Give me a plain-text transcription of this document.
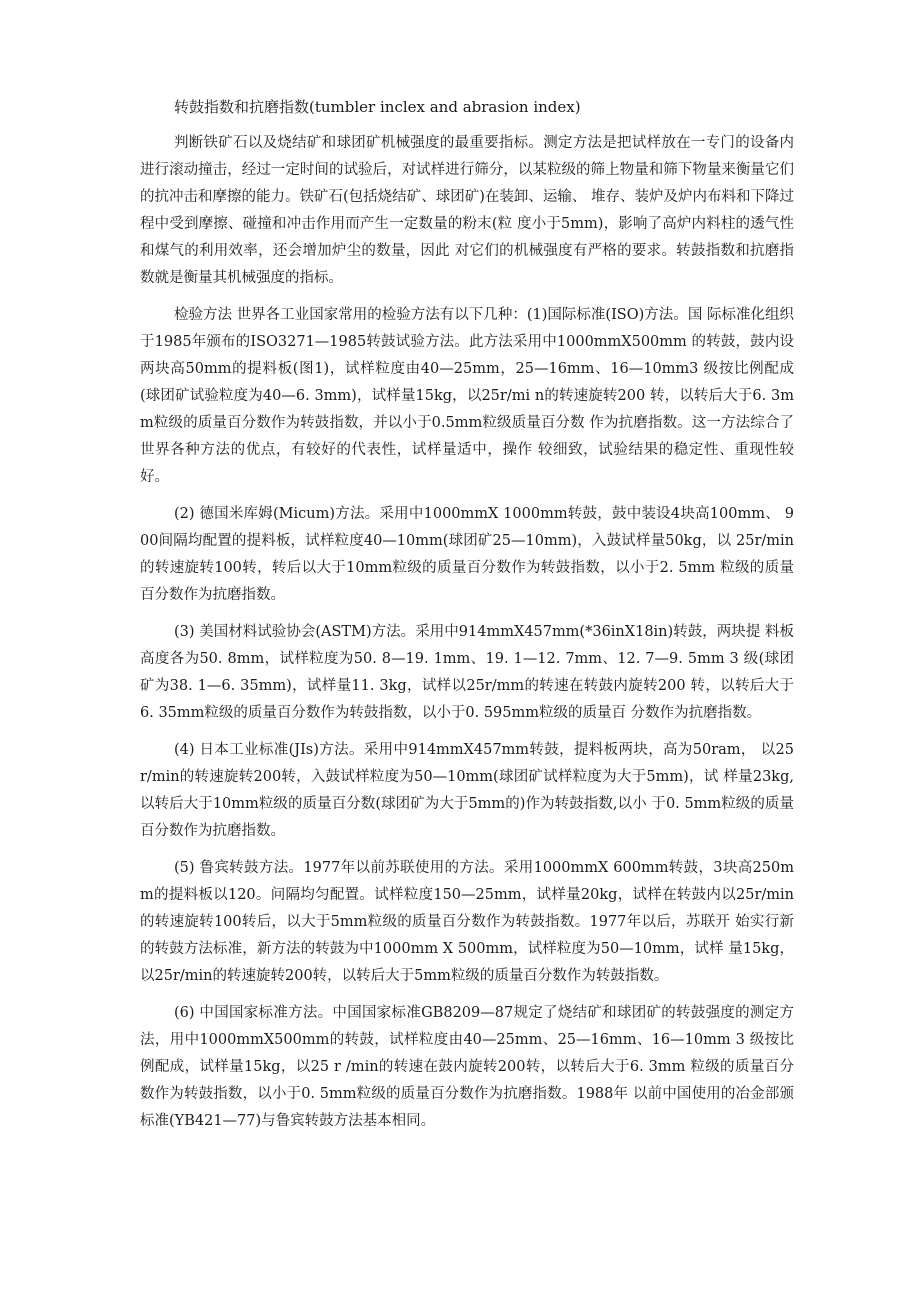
转鼓指数和抗磨指数(tumbler inclex and abrasion index)

判断铁矿石以及烧结矿和球团矿机械强度的最重要指标。测定方法是把试样放在一专门的设备内进行滚动撞击，经过一定时间的试验后，对试样进行筛分，以某粒级的筛上物量和筛下物量来衡量它们的抗冲击和摩擦的能力。铁矿石(包括烧结矿、球团矿)在装卸、运输、 堆存、装炉及炉内布料和下降过程中受到摩擦、碰撞和冲击作用而产生一定数量的粉末(粒 度小于5mm)，影响了高炉内料柱的透气性和煤气的利用效率，还会增加炉尘的数量，因此 对它们的机械强度有严格的要求。转鼓指数和抗磨指数就是衡量其机械强度的指标。

检验方法 世界各工业国家常用的检验方法有以下几种：(1)国际标准(ISO)方法。国 际标准化组织于1985年颁布的ISO3271—1985转鼓试验方法。此方法采用中1000mmX500mm 的转鼓，鼓内设两块高50mm的提料板(图1)，试样粒度由40—25mm，25—16mm、16—10mm3 级按比例配成(球团矿试验粒度为40—6. 3mm)，试样量15kg，以25r/mi n的转速旋转200 转，以转后大于6. 3mm粒级的质量百分数作为转鼓指数，并以小于0.5mm粒级质量百分数 作为抗磨指数。这一方法综合了世界各种方法的优点，有较好的代表性，试样量适中，操作 较细致，试验结果的稳定性、重现性较好。

(2) 德国米库姆(Micum)方法。采用中1000mmX 1000mm转鼓，鼓中装设4块高100mm、 900间隔均配置的提料板，试样粒度40—10mm(球团矿25—10mm)，入鼓试样量50kg，以 25r/min的转速旋转100转，转后以大于10mm粒级的质量百分数作为转鼓指数，以小于2. 5mm 粒级的质量百分数作为抗磨指数。

(3) 美国材料试验协会(ASTM)方法。采用中914mmX457mm(*36inX18in)转鼓，两块提 料板高度各为50. 8mm，试样粒度为50. 8—19. 1mm、19. 1—12. 7mm、12. 7—9. 5mm 3 级(球团矿为38. 1—6. 35mm)，试样量11. 3kg，试样以25r/mm的转速在转鼓内旋转200 转，以转后大于6. 35mm粒级的质量百分数作为转鼓指数，以小于0. 595mm粒级的质量百 分数作为抗磨指数。

(4) 日本工业标准(JIs)方法。采用中914mmX457mm转鼓，提料板两块，高为50ram， 以25r/min的转速旋转200转，入鼓试样粒度为50—10mm(球团矿试样粒度为大于5mm)，试 样量23kg,以转后大于10mm粒级的质量百分数(球团矿为大于5mm的)作为转鼓指数,以小 于0. 5mm粒级的质量百分数作为抗磨指数。

(5) 鲁宾转鼓方法。1977年以前苏联使用的方法。采用1000mmX 600mm转鼓，3块高250mm的提料板以120。问隔均匀配置。试样粒度150—25mm，试样量20kg，试样在转鼓内以25r/min的转速旋转100转后，以大于5mm粒级的质量百分数作为转鼓指数。1977年以后，苏联开 始实行新的转鼓方法标准，新方法的转鼓为中1000mm X 500mm，试样粒度为50—10mm，试样 量15kg，以25r/min的转速旋转200转，以转后大于5mm粒级的质量百分数作为转鼓指数。

(6) 中国国家标准方法。中国国家标准GB8209—87规定了烧结矿和球团矿的转鼓强度的测定方法，用中1000mmX500mm的转鼓，试样粒度由40—25mm、25—16mm、16—10mm 3 级按比例配成，试样量15kg，以25 r /min的转速在鼓内旋转200转，以转后大于6. 3mm 粒级的质量百分数作为转鼓指数，以小于0. 5mm粒级的质量百分数作为抗磨指数。1988年 以前中国使用的冶金部颁标准(YB421—77)与鲁宾转鼓方法基本相同。
